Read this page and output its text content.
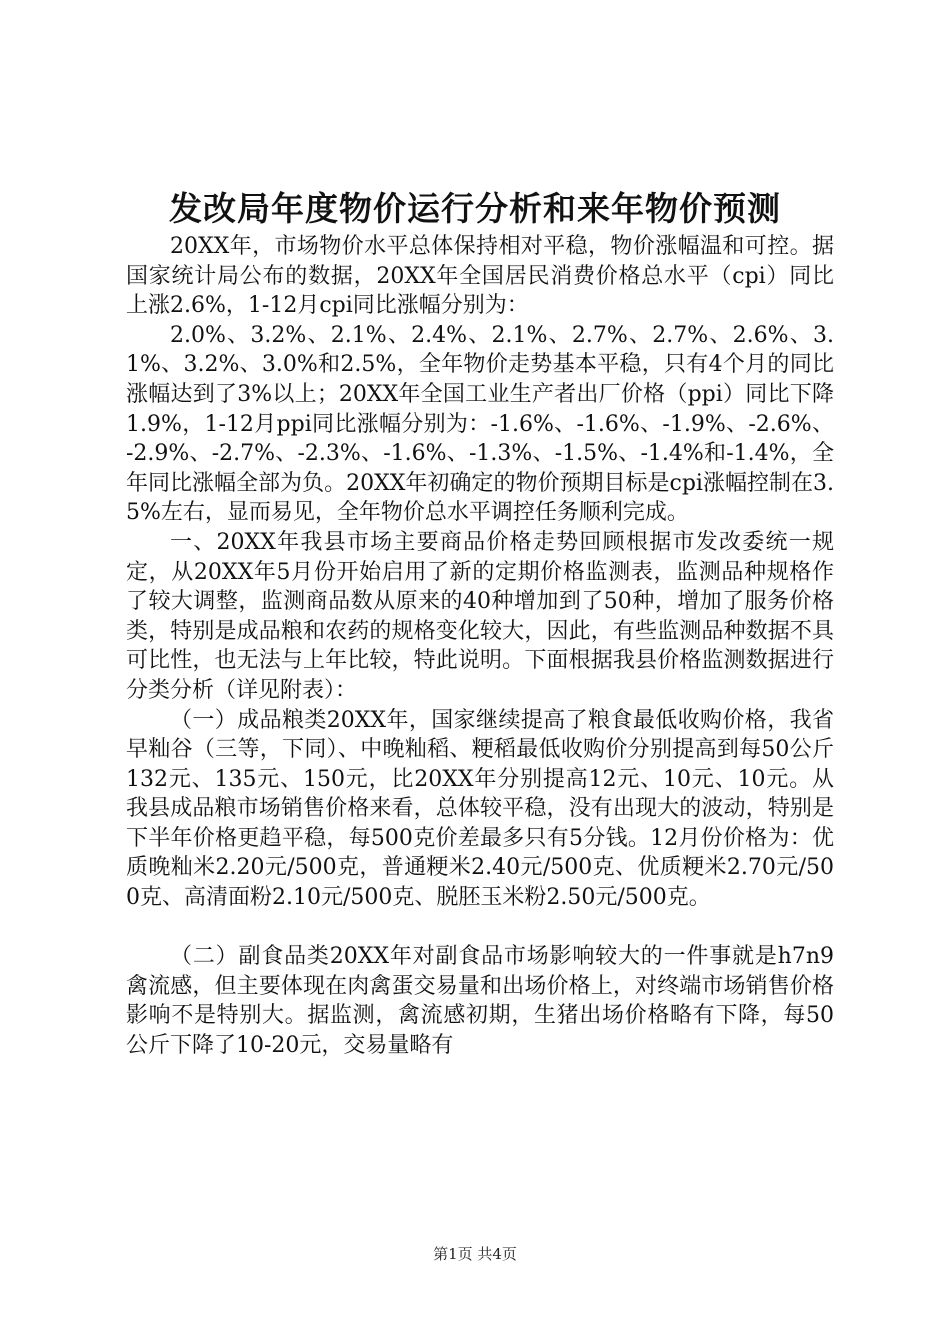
发改局年度物价运行分析和来年物价预测

20XX年，市场物价水平总体保持相对平稳，物价涨幅温和可控。据国家统计局公布的数据，20XX年全国居民消费价格总水平（cpi）同比上涨2.6%，1-12月cpi同比涨幅分别为：

2.0%、3.2%、2.1%、2.4%、2.1%、2.7%、2.7%、2.6%、3.1%、3.2%、3.0%和2.5%，全年物价走势基本平稳，只有4个月的同比涨幅达到了3%以上；20XX年全国工业生产者出厂价格（ppi）同比下降1.9%，1-12月ppi同比涨幅分别为：-1.6%、-1.6%、-1.9%、-2.6%、-2.9%、-2.7%、-2.3%、-1.6%、-1.3%、-1.5%、-1.4%和-1.4%，全年同比涨幅全部为负。20XX年初确定的物价预期目标是cpi涨幅控制在3.5%左右，显而易见，全年物价总水平调控任务顺利完成。

一、20XX年我县市场主要商品价格走势回顾根据市发改委统一规定，从20XX年5月份开始启用了新的定期价格监测表，监测品种规格作了较大调整，监测商品数从原来的40种增加到了50种，增加了服务价格类，特别是成品粮和农药的规格变化较大，因此，有些监测品种数据不具可比性，也无法与上年比较，特此说明。下面根据我县价格监测数据进行分类分析（详见附表）：

（一）成品粮类20XX年，国家继续提高了粮食最低收购价格，我省早籼谷（三等，下同）、中晚籼稻、粳稻最低收购价分别提高到每50公斤132元、135元、150元，比20XX年分别提高12元、10元、10元。从我县成品粮市场销售价格来看，总体较平稳，没有出现大的波动，特别是下半年价格更趋平稳，每500克价差最多只有5分钱。12月份价格为：优质晚籼米2.20元/500克，普通粳米2.40元/500克、优质粳米2.70元/500克、高清面粉2.10元/500克、脱胚玉米粉2.50元/500克。

（二）副食品类20XX年对副食品市场影响较大的一件事就是h7n9禽流感，但主要体现在肉禽蛋交易量和出场价格上，对终端市场销售价格影响不是特别大。据监测，禽流感初期，生猪出场价格略有下降，每50公斤下降了10-20元，交易量略有

第1页 共4页
